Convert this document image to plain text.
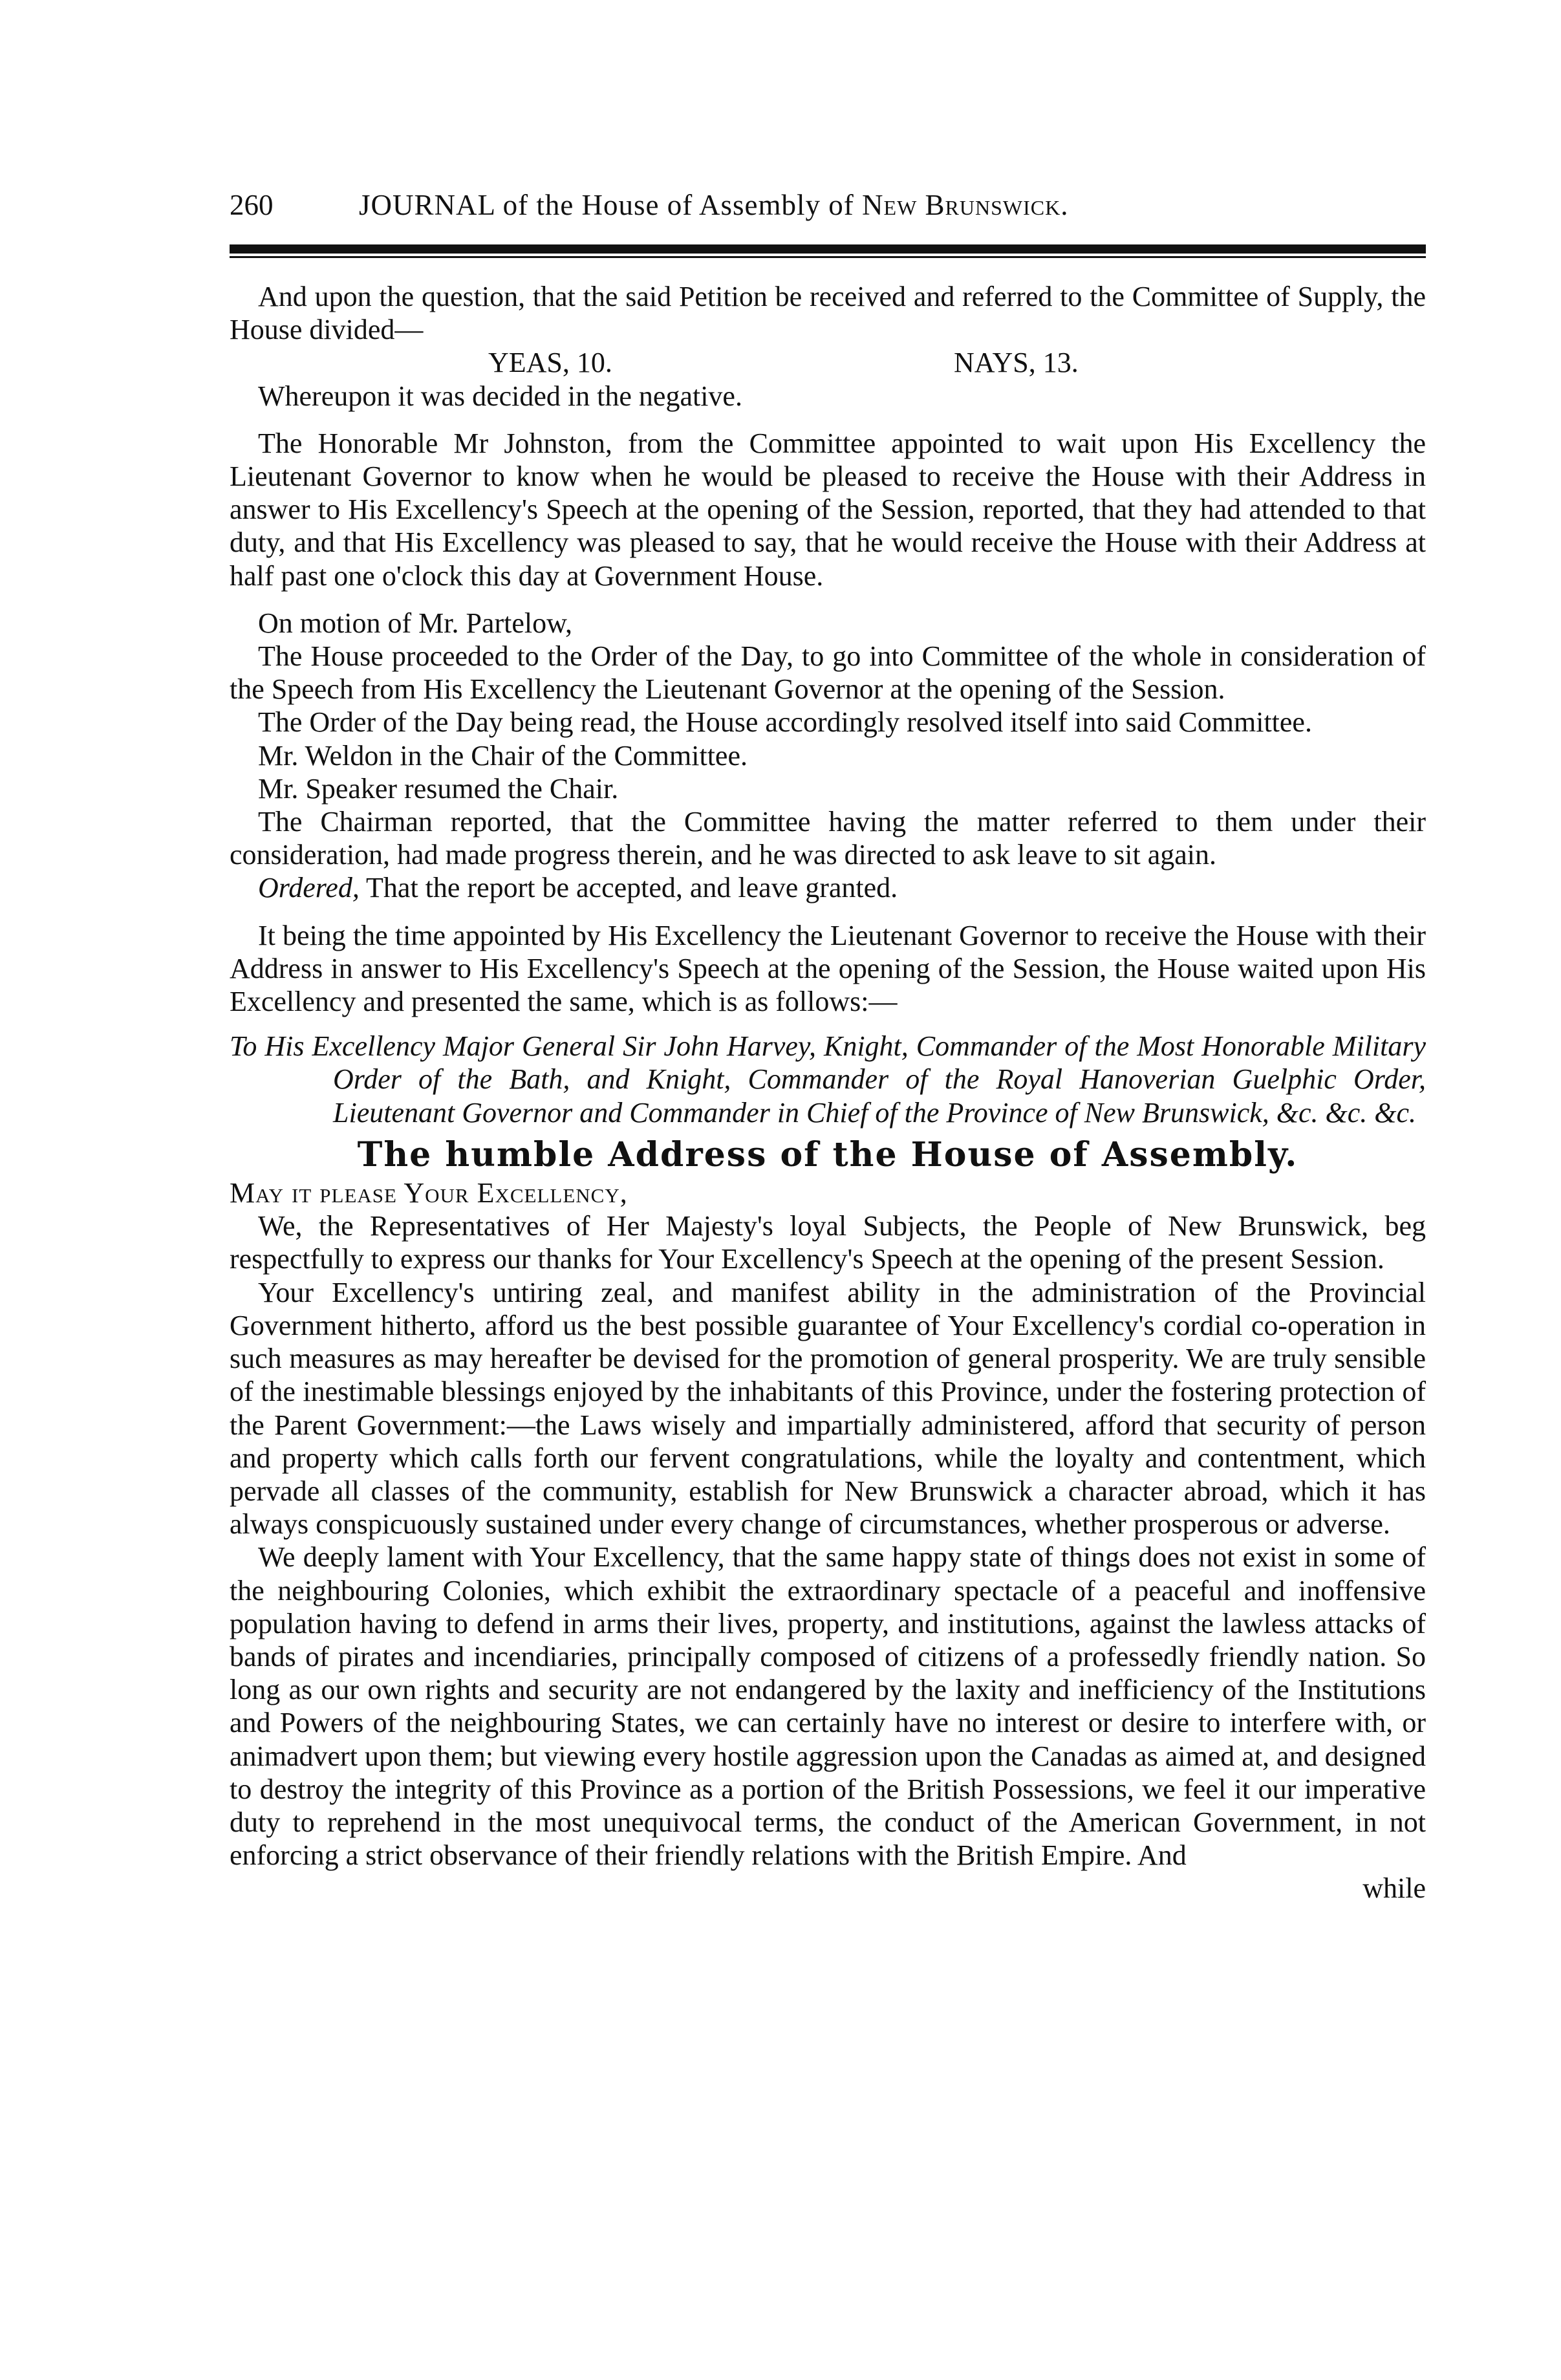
260	JOURNAL of the House of Assembly of New Brunswick.

And upon the question, that the said Petition be received and referred to the Committee of Supply, the House divided—

YEAS, 10.	NAYS, 13.

Whereupon it was decided in the negative.

The Honorable Mr Johnston, from the Committee appointed to wait upon His Excellency the Lieutenant Governor to know when he would be pleased to receive the House with their Address in answer to His Excellency's Speech at the opening of the Session, reported, that they had attended to that duty, and that His Excellency was pleased to say, that he would receive the House with their Address at half past one o'clock this day at Government House.

On motion of Mr. Partelow,

The House proceeded to the Order of the Day, to go into Committee of the whole in consideration of the Speech from His Excellency the Lieutenant Governor at the opening of the Session.

The Order of the Day being read, the House accordingly resolved itself into said Committee.

Mr. Weldon in the Chair of the Committee.

Mr. Speaker resumed the Chair.

The Chairman reported, that the Committee having the matter referred to them under their consideration, had made progress therein, and he was directed to ask leave to sit again.

Ordered, That the report be accepted, and leave granted.

It being the time appointed by His Excellency the Lieutenant Governor to receive the House with their Address in answer to His Excellency's Speech at the opening of the Session, the House waited upon His Excellency and presented the same, which is as follows:—

To His Excellency Major General Sir John Harvey, Knight, Commander of the Most Honorable Military Order of the Bath, and Knight, Commander of the Royal Hanoverian Guelphic Order, Lieutenant Governor and Commander in Chief of the Province of New Brunswick, &c. &c. &c.
The humble Address of the House of Assembly.
May it please Your Excellency,

We, the Representatives of Her Majesty's loyal Subjects, the People of New Brunswick, beg respectfully to express our thanks for Your Excellency's Speech at the opening of the present Session.

Your Excellency's untiring zeal, and manifest ability in the administration of the Provincial Government hitherto, afford us the best possible guarantee of Your Excellency's cordial co-operation in such measures as may hereafter be devised for the promotion of general prosperity. We are truly sensible of the inestimable blessings enjoyed by the inhabitants of this Province, under the fostering protection of the Parent Government:—the Laws wisely and impartially administered, afford that security of person and property which calls forth our fervent congratulations, while the loyalty and contentment, which pervade all classes of the community, establish for New Brunswick a character abroad, which it has always conspicuously sustained under every change of circumstances, whether prosperous or adverse.

We deeply lament with Your Excellency, that the same happy state of things does not exist in some of the neighbouring Colonies, which exhibit the extraordinary spectacle of a peaceful and inoffensive population having to defend in arms their lives, property, and institutions, against the lawless attacks of bands of pirates and incendiaries, principally composed of citizens of a professedly friendly nation. So long as our own rights and security are not endangered by the laxity and inefficiency of the Institutions and Powers of the neighbouring States, we can certainly have no interest or desire to interfere with, or animadvert upon them; but viewing every hostile aggression upon the Canadas as aimed at, and designed to destroy the integrity of this Province as a portion of the British Possessions, we feel it our imperative duty to reprehend in the most unequivocal terms, the conduct of the American Government, in not enforcing a strict observance of their friendly relations with the British Empire. And

while
